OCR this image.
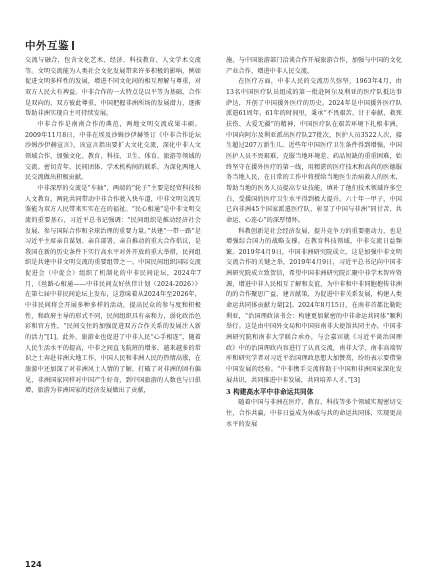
中外互鉴

交流与融合，包含文化艺术、经济、科技教育、人文学术交流等。文明交流能为人类社会文化发展带来许多积极的影响，例如促进文明多样性的发展，增进不同文化间的相互理解与尊重，对双方人民大有裨益。中非合作的一大特点是以平等为基础，合作是双向的，双方彼此尊重，中国把握非洲所场的发展潜力，逐渐帮助非洲实现自主可持续发展。

中非合作是南南合作的典范，两地文明交流成果丰硕。2009年11月8日，中非在埃及沙姆沙伊赫签订《中非合作论坛沙姆沙伊赫宣言》，该宣言指出要扩大文化交流，深化中非人文领域合作，加强文化、教育、科技、卫生、体育、旅游等领域的交流。密切青年、民间团体、学术机构间的联系，为深化两地人民交流做出积极贡献。

中非深厚的交流是“车轴”，两端的“轮子”主要是经贸科技和人文教育，两轮共同带动中非合作驶入快车道，中非文明交流互鉴能为双方人民带来实实在在的福祉。“民心相通”是中非文明交流的重要基石，习近平总书记强调：“民间组织是推动经济社会发展、参与国际合作和全球治理的重要力量。”共建“一带一路”是习近平主席亲自谋划、亲自部署、亲自推动的重大合作倡议，是我国在新的历史条件下实行高水平对外开放的重大举措，民间组织是共建中非文明交流的重要组带之一。中国民间组织国际交流促进会（中促会）组织了机制化的中非民间论坛，2024年7月，《丝路心相通——中非民间友好伙伴计划（2024-2026）》在第七届中非民间论坛上发布，这意味着从2024年至2026年，中非民间将会开展多种多样的活动，提高民众的参与度和积极性，和政府主导的形式不同，民间组织具有亲和力，弱化政治色彩和官方性，“民间交往的加强促进双方合作关系的发展注入新的活力”[1]，此外，旅游业也促进了中非人民“心手相连”，随着人民生活水平的提高，中非之间直飞航班的增多，越来越多的常识之士奔赴非洲大地工作，中国人民和非洲人民的热情高涨，在旅游中还加深了对非洲风土人情的了解，打破了对非洲的固有偏见，非洲国家同样对中国产生好奇，到中国旅游的人数也与日俱增，旅游为非洲国家的经济发展做出了贡献，

施，与中国旅游部门洽谈合作开展旅游合作，加强与中国的文化产业合作，增进中非人民交流。

在医疗方面，中非人民的交流历久弥坚，1963年4月，由13名中国医疗队员组成的第一批赴阿尔及利亚的医疗队抵达事萨达，开创了中国援外医疗的历史。2024年是中国援外医疗队派遣61周年，61年的时间里，秉承“不畏艰苦、甘于奉献、救死扶伤、大爱无疆”的精神，中国医疗队在艰苦环境下扎根非洲，中国向阿尔及利亚派出医疗队27批次，医护人员3522人次，接生超过207万新生儿。近些年中国医疗卫生条件得到增强，中国医护人员不畏艰难，克服当地环境差、药品短缺的重重困难，始终坚守在援外医疗的第一线，用精湛的医疗技术和高尚的医德服务当地人民，在日常的工作中将授给当地医生治病救人的医术，帮助当地的医务人员提高专业技能，填补了他们技术领域许多空白，受援国的医疗卫生水平得到极大提升。六十年一甲子，中国已向非洲45个国家派遣医疗队，彰显了中国与非洲“同甘苦、共命运、心连心”的深厚情怀。

科教创新是社会经济发展、提升竞争力的重要驱动力，也是增强综合国力的战略支撑。在教育科技领域，中非交流日益频繁。2019年4月9日，中国非洲研究院成立，这是加强中非文明交流合作的关键之举，2019年4月9日，习近平总书记向中国非洲研究院成立致贺信，希望中国非洲研究院汇聚中非学术智库资源，增进中非人民相互了解和友谊，为中非和中非同胞抱传非洲的的合作聚思广益、建言献策，为促进中非关系发展，构建人类命运共同体贡献力量[2]。2024年8月15日，在南非首都比勒陀利亚，“治国理政读书会：构建更加紧密的中非命运共同体”顺利举行。这是由中国外文局和中国驻南非大使馆共同主办，中国非洲研究院和南非大学联合承办，与会嘉宾就《习近平谈治国理政》中的治国理政内容进行了认真交流，南非大学、南非高端智库和研究学者对习近平治国理政思想大加赞赏，纷纷表示要借鉴中国发展的经验。“中非携手交流将助于中国和非洲国家深化发展共识，共同推进中非发展，共同培养人才。”[3]

3 构建高水平中非命运共同体

随着中国与非洲在医疗、教育、科技等多个领域实现密切交往，合作共赢，中非日益成为休戚与共的命运共同体，实现更高水平的发展

124
